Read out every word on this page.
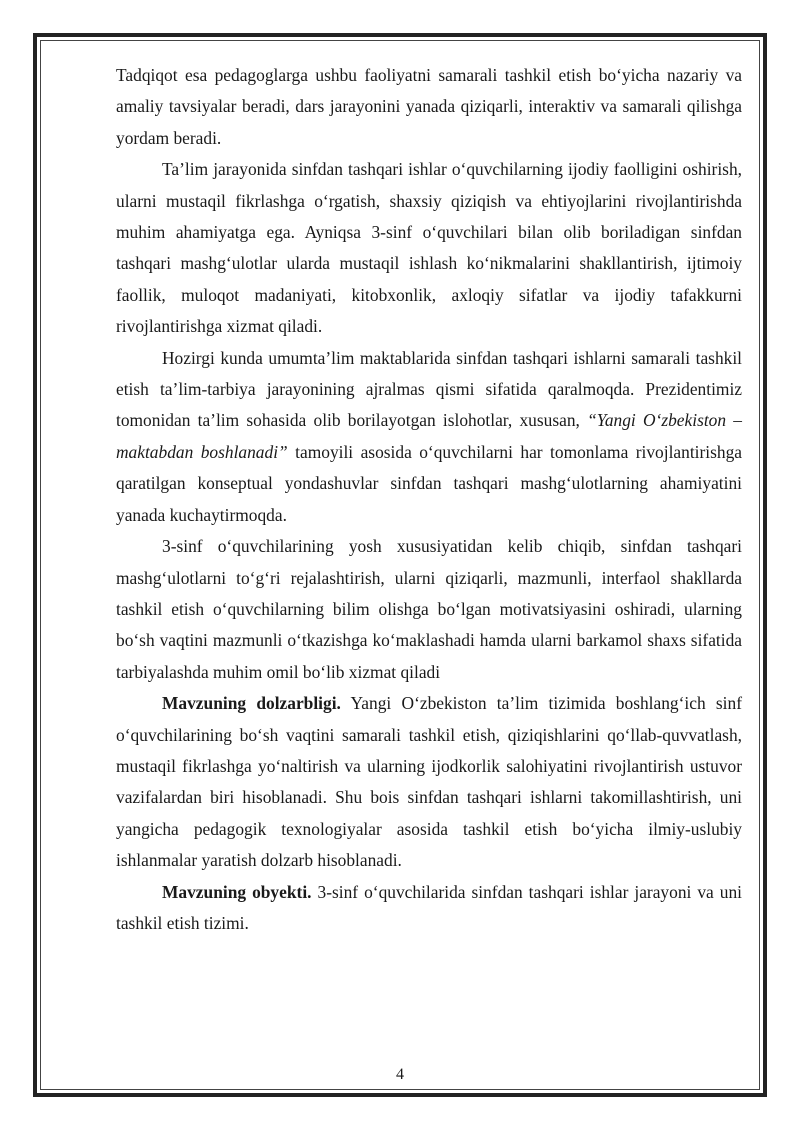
Tadqiqot esa pedagoglarga ushbu faoliyatni samarali tashkil etish bo‘yicha nazariy va amaliy tavsiyalar beradi, dars jarayonini yanada qiziqarli, interaktiv va samarali qilishga yordam beradi.

Ta’lim jarayonida sinfdan tashqari ishlar o‘quvchilarning ijodiy faolligini oshirish, ularni mustaqil fikrlashga o‘rgatish, shaxsiy qiziqish va ehtiyojlarini rivojlantirishda muhim ahamiyatga ega. Ayniqsa 3-sinf o‘quvchilari bilan olib boriladigan sinfdan tashqari mashg‘ulotlar ularda mustaqil ishlash ko‘nikmalarini shakllantirish, ijtimoiy faollik, muloqot madaniyati, kitobxonlik, axloqiy sifatlar va ijodiy tafakkurni rivojlantirishga xizmat qiladi.

Hozirgi kunda umumta’lim maktablarida sinfdan tashqari ishlarni samarali tashkil etish ta’lim-tarbiya jarayonining ajralmas qismi sifatida qaralmoqda. Prezidentimiz tomonidan ta’lim sohasida olib borilayotgan islohotlar, xususan, “Yangi O‘zbekiston – maktabdan boshlanadi” tamoyili asosida o‘quvchilarni har tomonlama rivojlantirishga qaratilgan konseptual yondashuvlar sinfdan tashqari mashg‘ulotlarning ahamiyatini yanada kuchaytirmoqda.

3-sinf o‘quvchilarining yosh xususiyatidan kelib chiqib, sinfdan tashqari mashg‘ulotlarni to‘g‘ri rejalashtirish, ularni qiziqarli, mazmunli, interfaol shakllarda tashkil etish o‘quvchilarning bilim olishga bo‘lgan motivatsiyasini oshiradi, ularning bo‘sh vaqtini mazmunli o‘tkazishga ko‘maklashadi hamda ularni barkamol shaxs sifatida tarbiyalashda muhim omil bo‘lib xizmat qiladi

Mavzuning dolzarbligi. Yangi O‘zbekiston ta’lim tizimida boshlang‘ich sinf o‘quvchilarining bo‘sh vaqtini samarali tashkil etish, qiziqishlarini qo‘llab-quvvatlash, mustaqil fikrlashga yo‘naltirish va ularning ijodkorlik salohiyatini rivojlantirish ustuvor vazifalardan biri hisoblanadi. Shu bois sinfdan tashqari ishlarni takomillashtirish, uni yangicha pedagogik texnologiyalar asosida tashkil etish bo‘yicha ilmiy-uslubiy ishlanmalar yaratish dolzarb hisoblanadi.

Mavzuning obyekti. 3-sinf o‘quvchilarida sinfdan tashqari ishlar jarayoni va uni tashkil etish tizimi.

4
